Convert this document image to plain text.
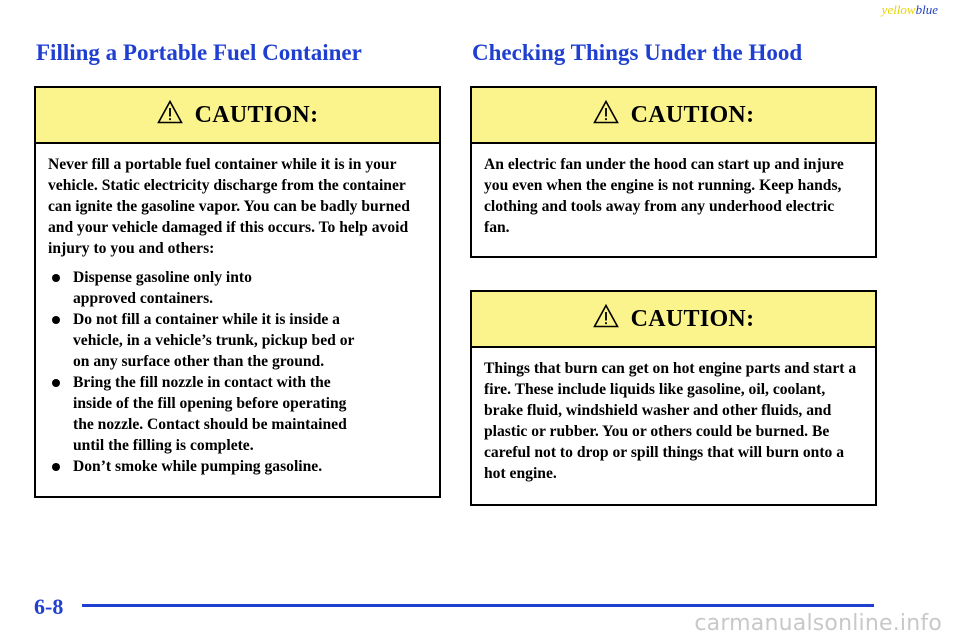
yellowblue
Filling a Portable Fuel Container	Checking Things Under the Hood
CAUTION:

Never fill a portable fuel container while it is in your vehicle. Static electricity discharge from the container can ignite the gasoline vapor. You can be badly burned and your vehicle damaged if this occurs. To help avoid injury to you and others:

Dispense gasoline only into
approved containers.
Do not fill a container while it is inside a
vehicle, in a vehicle’s trunk, pickup bed or
on any surface other than the ground.
Bring the fill nozzle in contact with the
inside of the fill opening before operating
the nozzle. Contact should be maintained
until the filling is complete.
Don’t smoke while pumping gasoline.
CAUTION:

An electric fan under the hood can start up and injure you even when the engine is not running. Keep hands, clothing and tools away from any underhood electric fan.

CAUTION:

Things that burn can get on hot engine parts and start a fire. These include liquids like gasoline, oil, coolant, brake fluid, windshield washer and other fluids, and plastic or rubber. You or others could be burned. Be careful not to drop or spill things that will burn onto a hot engine.

6-8
carmanualsonline.info
